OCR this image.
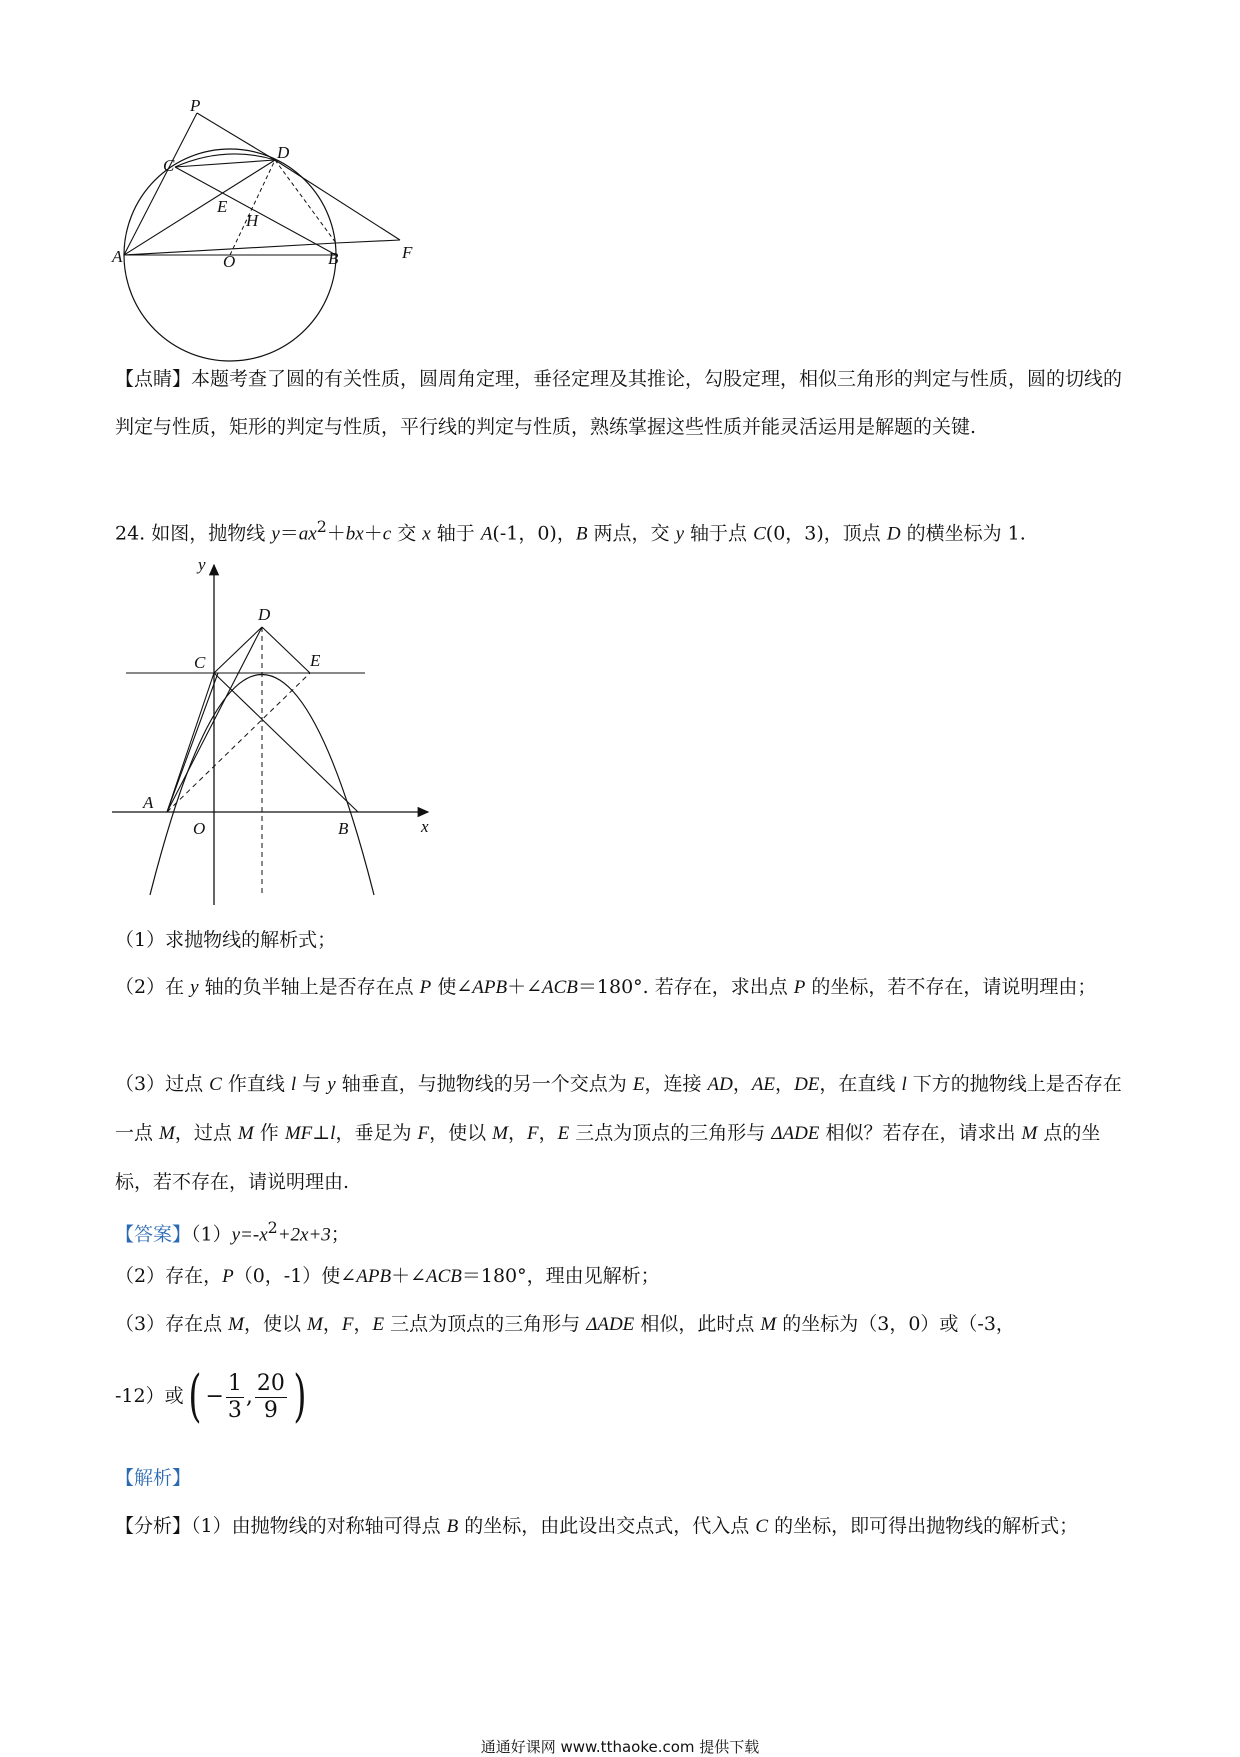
P
C
D
E
H
A	O	B	F

【点睛】本题考查了圆的有关性质，圆周角定理，垂径定理及其推论，勾股定理，相似三角形的判定与性质，圆的切线的判定与性质，矩形的判定与性质，平行线的判定与性质，熟练掌握这些性质并能灵活运用是解题的关键.

24. 如图，抛物线 $y=ax^2+bx+c$ 交 x 轴于 A(-1，0)，B 两点，交 y 轴于点 C(0，3)，顶点 D 的横坐标为 1.

y
x
D
C	E
A
O	B

（1）求抛物线的解析式；

（2）在 y 轴的负半轴上是否存在点 P 使∠APB＋∠ACB＝180°. 若存在，求出点 P 的坐标，若不存在，请说明理由；

（3）过点 C 作直线 l 与 y 轴垂直，与抛物线的另一个交点为 E，连接 AD，AE，DE，在直线 l 下方的抛物线上是否存在一点 M，过点 M 作 MF⊥l，垂足为 F，使以 M，F，E 三点为顶点的三角形与 ΔADE 相似？若存在，请求出 M 点的坐标，若不存在，请说明理由.

【答案】$(1)y=-x^2+2x+3$；

（2）存在，P（0，-1）使∠APB＋∠ACB＝180°，理由见解析；

（3）存在点 M，使以 M，F，E 三点为顶点的三角形与 ΔADE 相似，此时点 M 的坐标为（3，0）或（-3，

-12）或 ( − $\frac{1}{3}$ , $\frac{20}{9}$ )

【解析】

【分析】（1）由抛物线的对称轴可得点 B 的坐标，由此设出交点式，代入点 C 的坐标，即可得出抛物线的解析式；

通通好课网 www.tthaoke.com 提供下载
